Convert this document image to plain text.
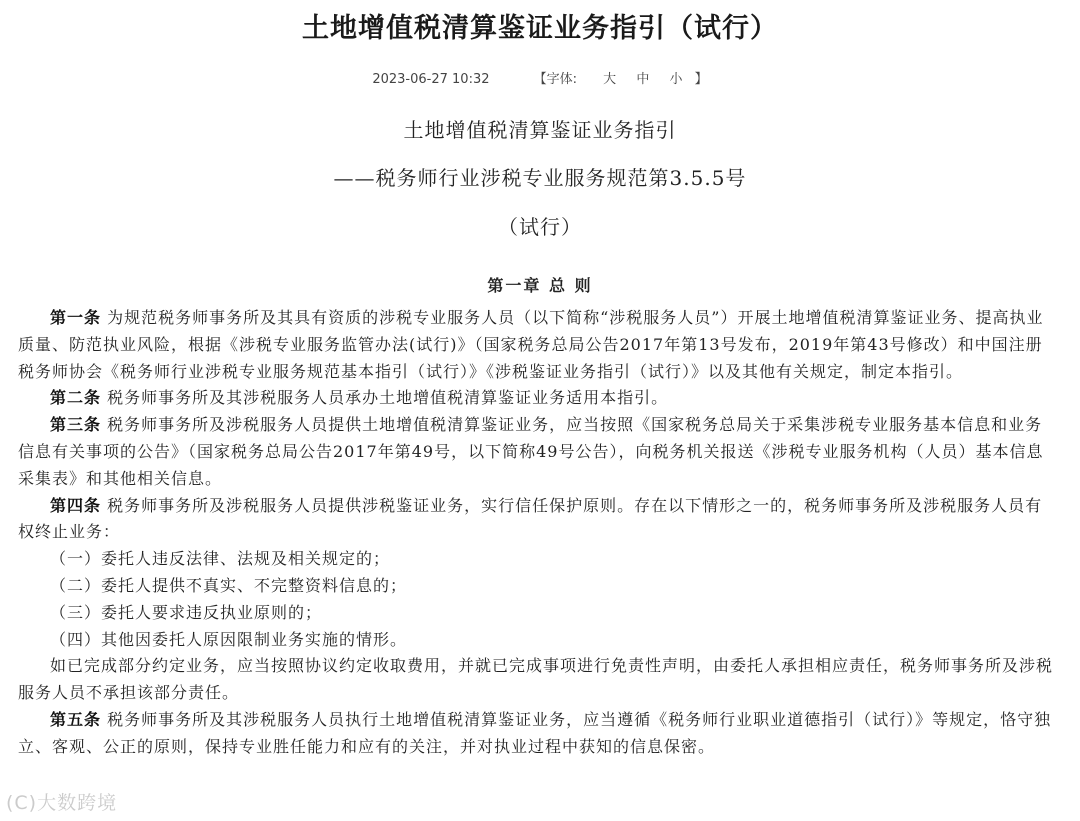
土地增值税清算鉴证业务指引（试行）
2023-06-27 10:32	【字体: 大 中 小 】
土地增值税清算鉴证业务指引
——税务师行业涉税专业服务规范第3.5.5号
（试行）
第一章 总 则

第一条 为规范税务师事务所及其具有资质的涉税专业服务人员（以下简称“涉税服务人员”）开展土地增值税清算鉴证业务、提高执业质量、防范执业风险，根据《涉税专业服务监管办法(试行)》（国家税务总局公告2017年第13号发布，2019年第43号修改）和中国注册税务师协会《税务师行业涉税专业服务规范基本指引（试行）》《涉税鉴证业务指引（试行）》以及其他有关规定，制定本指引。

第二条 税务师事务所及其涉税服务人员承办土地增值税清算鉴证业务适用本指引。

第三条 税务师事务所及涉税服务人员提供土地增值税清算鉴证业务，应当按照《国家税务总局关于采集涉税专业服务基本信息和业务信息有关事项的公告》（国家税务总局公告2017年第49号，以下简称49号公告），向税务机关报送《涉税专业服务机构（人员）基本信息采集表》和其他相关信息。

第四条 税务师事务所及涉税服务人员提供涉税鉴证业务，实行信任保护原则。存在以下情形之一的，税务师事务所及涉税服务人员有权终止业务：

（一）委托人违反法律、法规及相关规定的；

（二）委托人提供不真实、不完整资料信息的；

（三）委托人要求违反执业原则的；

（四）其他因委托人原因限制业务实施的情形。

如已完成部分约定业务，应当按照协议约定收取费用，并就已完成事项进行免责性声明，由委托人承担相应责任，税务师事务所及涉税服务人员不承担该部分责任。

第五条 税务师事务所及其涉税服务人员执行土地增值税清算鉴证业务，应当遵循《税务师行业职业道德指引（试行）》等规定，恪守独立、客观、公正的原则，保持专业胜任能力和应有的关注，并对执业过程中获知的信息保密。

(C)大数跨境
